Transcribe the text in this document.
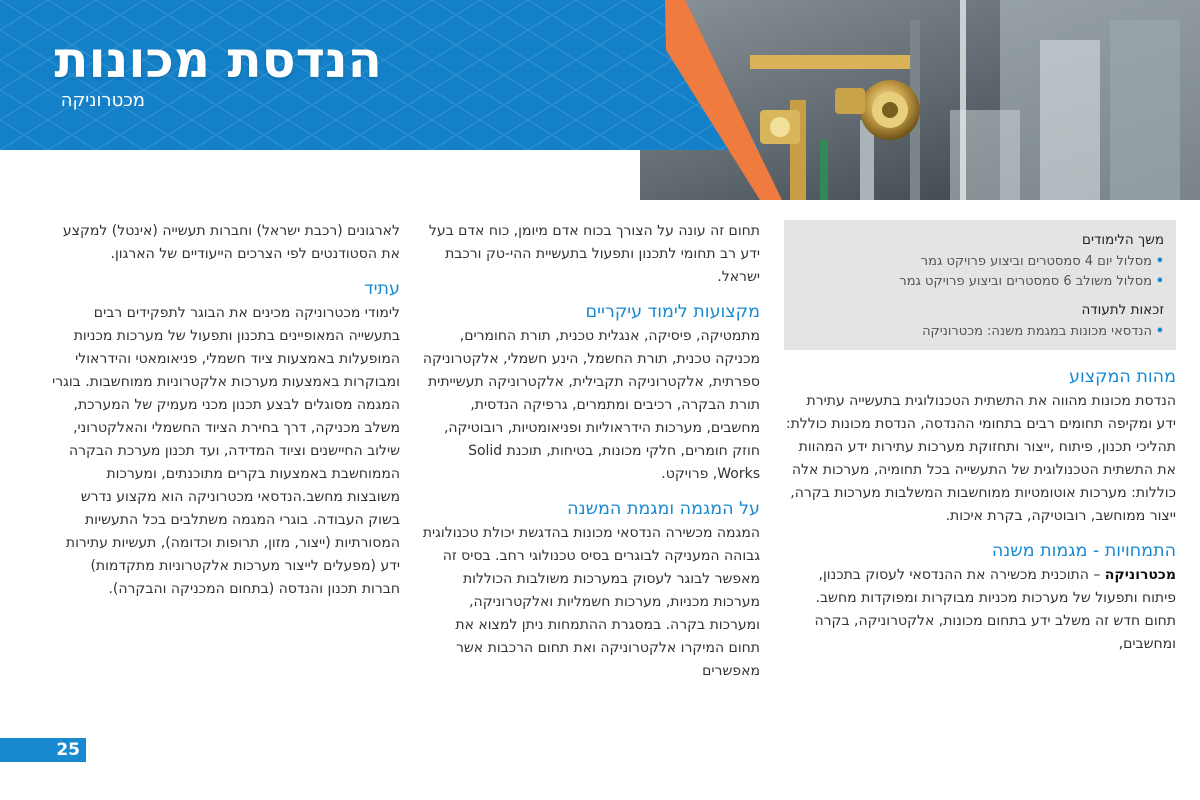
הנדסת מכונות
מכטרוניקה
משך הלימודים
•
מסלול יום 4 סמסטרים וביצוע פרויקט גמר
•
מסלול משולב 6 סמסטרים וביצוע פרויקט גמר
זכאות לתעודה
•
הנדסאי מכונות במגמת משנה: מכטרוניקה
מהות המקצוע

הנדסת מכונות מהווה את התשתית הטכנולוגית בתעשייה עתירת ידע ומקיפה תחומים רבים בתחומי ההנדסה, הנדסת מכונות כוללת: תהליכי תכנון, פיתוח ,ייצור ותחזוקת מערכות עתירות ידע המהוות את התשתית הטכנולוגית של התעשייה בכל תחומיה, מערכות אלה כוללות: מערכות אוטומטיות ממוחשבות המשלבות מערכות בקרה, ייצור ממוחשב, רובוטיקה, בקרת איכות.

התמחויות - מגמות משנה

מכטרוניקה – התוכנית מכשירה את ההנדסאי לעסוק בתכנון, פיתוח ותפעול של מערכות מכניות מבוקרות ומפוקדות מחשב. תחום חדש זה משלב ידע בתחום מכונות, אלקטרוניקה, בקרה ומחשבים,

תחום זה עונה על הצורך בכוח אדם מיומן, כוח אדם בעל ידע רב תחומי לתכנון ותפעול בתעשיית ההי-טק ורכבת ישראל.

מקצועות לימוד עיקריים

מתמטיקה, פיסיקה, אנגלית טכנית, תורת החומרים, מכניקה טכנית, תורת החשמל, הינע חשמלי, אלקטרוניקה ספרתית, אלקטרוניקה תקבילית, אלקטרוניקה תעשייתית תורת הבקרה, רכיבים ומתמרים, גרפיקה הנדסית, מחשבים, מערכות הידראוליות ופניאומטיות, רובוטיקה, חוזק חומרים, חלקי מכונות, בטיחות, תוכנת Solid Works, פרויקט.

על המגמה ומגמת המשנה

המגמה מכשירה הנדסאי מכונות בהדגשת יכולת טכנולוגית גבוהה המעניקה לבוגרים בסיס טכנולוגי רחב. בסיס זה מאפשר לבוגר לעסוק במערכות משולבות הכוללות מערכות מכניות, מערכות חשמליות ואלקטרוניקה, ומערכות בקרה. במסגרת ההתמחות ניתן למצוא את תחום המיקרו אלקטרוניקה ואת תחום הרכבות אשר מאפשרים

לארגונים (רכבת ישראל) וחברות תעשייה (אינטל) למקצע את הסטודנטים לפי הצרכים הייעודיים של הארגון.

עתיד

לימודי מכטרוניקה מכינים את הבוגר לתפקידים רבים בתעשייה המאופיינים בתכנון ותפעול של מערכות מכניות המופעלות באמצעות ציוד חשמלי, פניאומאטי והידראולי ומבוקרות באמצעות מערכות אלקטרוניות ממוחשבות. בוגרי המגמה מסוגלים לבצע תכנון מכני מעמיק של המערכת, משלב מכניקה, דרך בחירת הציוד החשמלי והאלקטרוני, שילוב החיישנים וציוד המדידה, ועד תכנון מערכת הבקרה הממוחשבת באמצעות בקרים מתוכנתים, ומערכות משובצות מחשב.הנדסאי מכטרוניקה הוא מקצוע נדרש בשוק העבודה. בוגרי המגמה משתלבים בכל התעשיות המסורתיות (ייצור, מזון, תרופות וכדומה), תעשיות עתירות ידע (מפעלים לייצור מערכות אלקטרוניות מתקדמות) חברות תכנון והנדסה (בתחום המכניקה והבקרה).

25
